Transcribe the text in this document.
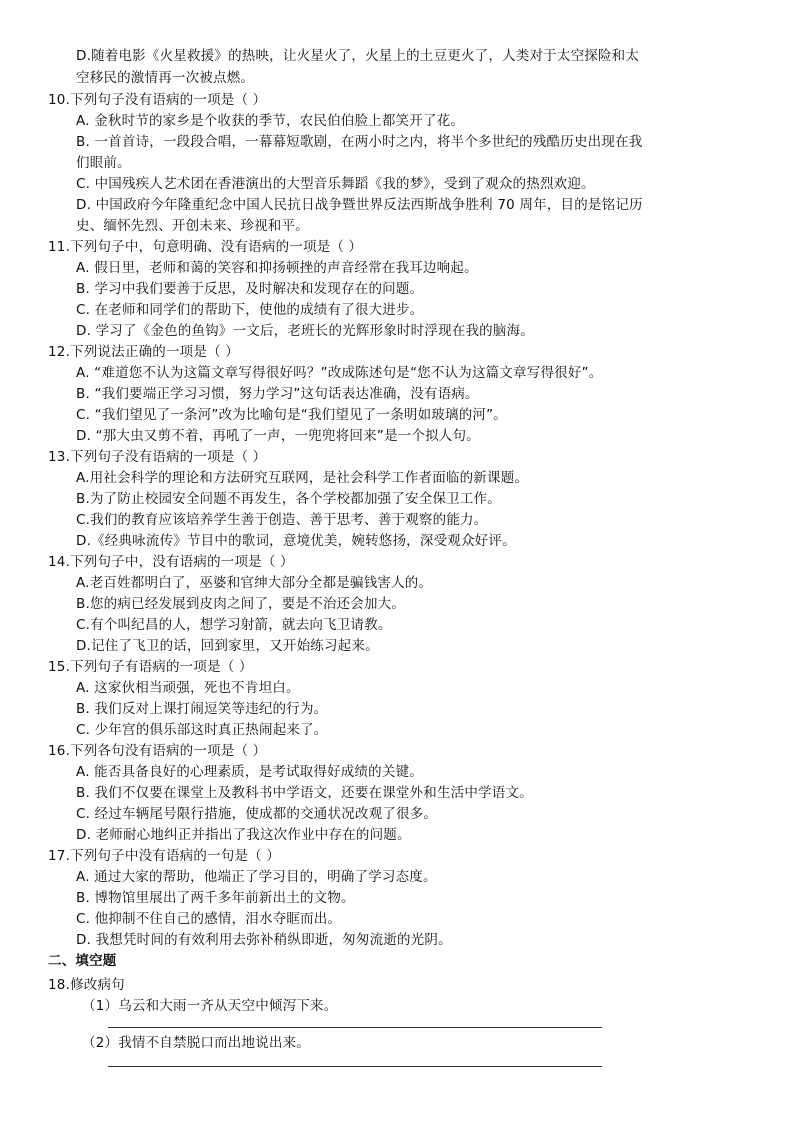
D.随着电影《火星救援》的热映，让火星火了，火星上的土豆更火了，人类对于太空探险和太
空移民的激情再一次被点燃。
10.下列句子没有语病的一项是（ ）
A. 金秋时节的家乡是个收获的季节，农民伯伯脸上都笑开了花。
B. 一首首诗，一段段合唱，一幕幕短歌剧，在两小时之内，将半个多世纪的残酷历史出现在我
们眼前。
C. 中国残疾人艺术团在香港演出的大型音乐舞蹈《我的梦》，受到了观众的热烈欢迎。
D. 中国政府今年隆重纪念中国人民抗日战争暨世界反法西斯战争胜利 70 周年，目的是铭记历
史、缅怀先烈、开创未来、珍视和平。
11.下列句子中，句意明确、没有语病的一项是（ ）
A. 假日里，老师和蔼的笑容和抑扬顿挫的声音经常在我耳边响起。
B. 学习中我们要善于反思，及时解决和发现存在的问题。
C. 在老师和同学们的帮助下，使他的成绩有了很大进步。
D. 学习了《金色的鱼钩》一文后，老班长的光辉形象时时浮现在我的脑海。
12.下列说法正确的一项是（ ）
A. “难道您不认为这篇文章写得很好吗？”改成陈述句是“您不认为这篇文章写得很好”。
B. “我们要端正学习习惯，努力学习”这句话表达准确，没有语病。
C. “我们望见了一条河”改为比喻句是“我们望见了一条明如玻璃的河”。
D. “那大虫又剪不着，再吼了一声，一兜兜将回来”是一个拟人句。
13.下列句子没有语病的一项是（ ）
A.用社会科学的理论和方法研究互联网，是社会科学工作者面临的新课题。
B.为了防止校园安全问题不再发生，各个学校都加强了安全保卫工作。
C.我们的教育应该培养学生善于创造、善于思考、善于观察的能力。
D.《经典咏流传》节目中的歌词，意境优美，婉转悠扬，深受观众好评。
14.下列句子中，没有语病的一项是（ ）
A.老百姓都明白了，巫婆和官绅大部分全都是骗钱害人的。
B.您的病已经发展到皮肉之间了，要是不治还会加大。
C.有个叫纪昌的人，想学习射箭，就去向飞卫请教。
D.记住了飞卫的话，回到家里，又开始练习起来。
15.下列句子有语病的一项是（ ）
A. 这家伙相当顽强，死也不肯坦白。
B. 我们反对上课打闹逗笑等违纪的行为。
C. 少年宫的俱乐部这时真正热闹起来了。
16.下列各句没有语病的一项是（ ）
A. 能否具备良好的心理素质，是考试取得好成绩的关键。
B. 我们不仅要在课堂上及教科书中学语文，还要在课堂外和生活中学语文。
C. 经过车辆尾号限行措施，使成都的交通状况改观了很多。
D. 老师耐心地纠正并指出了我这次作业中存在的问题。
17.下列句子中没有语病的一句是（ ）
A. 通过大家的帮助，他端正了学习目的，明确了学习态度。
B. 博物馆里展出了两千多年前新出土的文物。
C. 他抑制不住自己的感情，泪水夺眶而出。
D. 我想凭时间的有效利用去弥补稍纵即逝，匆匆流逝的光阴。
二、填空题
18.修改病句
（1）乌云和大雨一齐从天空中倾泻下来。
（2）我情不自禁脱口而出地说出来。
